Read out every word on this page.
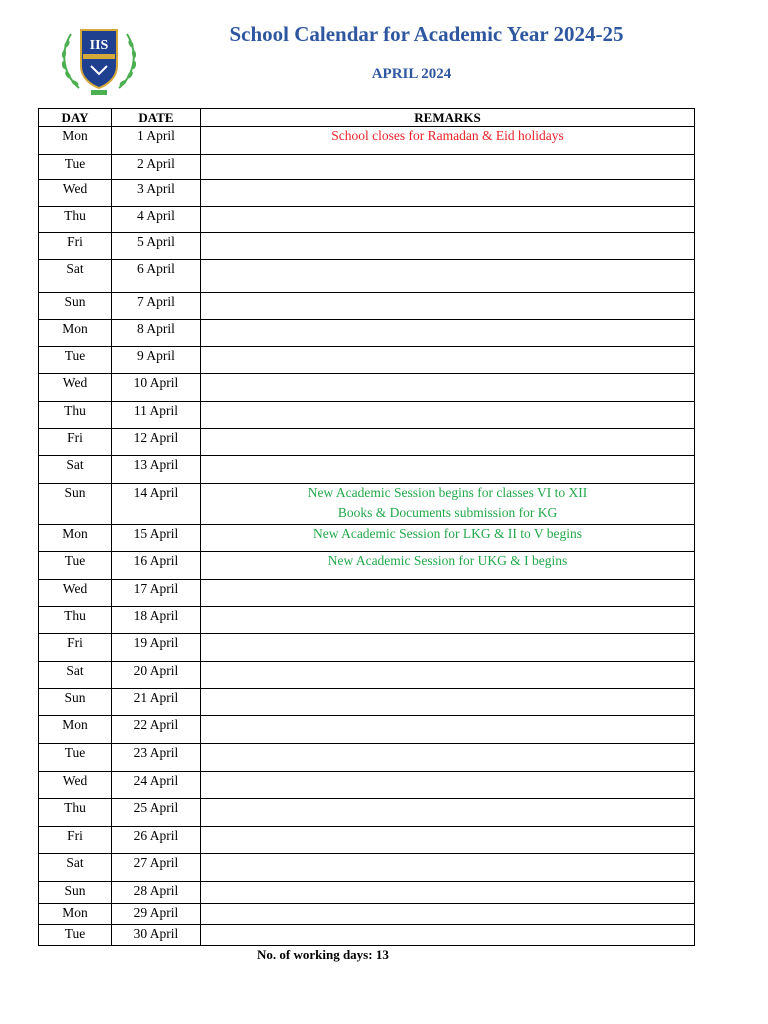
IIS	School Calendar for Academic Year 2024-25
APRIL 2024
DAY	DATE	REMARKS

Mon	1 April	School closes for Ramadan & Eid holidays

Tue	2 April	

Wed	3 April	

Thu	4 April	

Fri	5 April	

Sat	6 April	

Sun	7 April	

Mon	8 April	

Tue	9 April	

Wed	10 April	

Thu	11 April	

Fri	12 April	

Sat	13 April	

Sun	14 April	New Academic Session begins for classes VI to XII
Books & Documents submission for KG

Mon	15 April	New Academic Session for LKG & II to V begins

Tue	16 April	New Academic Session for UKG & I begins

Wed	17 April	

Thu	18 April	

Fri	19 April	

Sat	20 April	

Sun	21 April	

Mon	22 April	

Tue	23 April	

Wed	24 April	

Thu	25 April	

Fri	26 April	

Sat	27 April	

Sun	28 April	

Mon	29 April	

Tue	30 April	

No. of working days: 13
